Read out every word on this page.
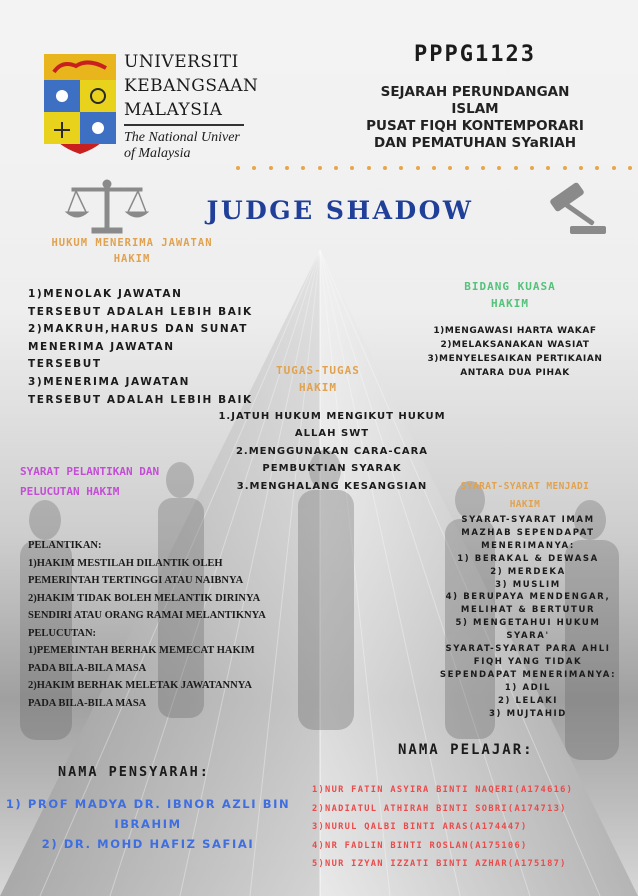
UNIVERSITI
KEBANGSAAN
MALAYSIA
The National Univer
of Malaysia
PPPG1123
SEJARAH PERUNDANGAN
ISLAM
PUSAT FIQH KONTEMPORARI
DAN PEMATUHAN SYaRIAH
JUDGE SHADOW
HUKUM MENERIMA JAWATAN
HAKIM
1)MENOLAK JAWATAN
TERSEBUT ADALAH LEBIH BAIK
2)MAKRUH,HARUS DAN SUNAT
MENERIMA JAWATAN
TERSEBUT
3)MENERIMA JAWATAN
TERSEBUT ADALAH LEBIH BAIK
BIDANG KUASA
HAKIM
1)MENGAWASI HARTA WAKAF
2)MELAKSANAKAN WASIAT
3)MENYELESAIKAN PERTIKAIAN
ANTARA DUA PIHAK
TUGAS-TUGAS
HAKIM
1.JATUH HUKUM MENGIKUT HUKUM
ALLAH SWT
2.MENGGUNAKAN CARA-CARA
PEMBUKTIAN SYARAK
3.MENGHALANG KESANGSIAN
SYARAT PELANTIKAN DAN
PELUCUTAN HAKIM
PELANTIKAN:
1)HAKIM MESTILAH DILANTIK OLEH
PEMERINTAH TERTINGGI ATAU NAIBNYA
2)HAKIM TIDAK BOLEH MELANTIK DIRINYA
SENDIRI ATAU ORANG RAMAI MELANTIKNYA
PELUCUTAN:
1)PEMERINTAH BERHAK MEMECAT HAKIM
PADA BILA-BILA MASA
2)HAKIM BERHAK MELETAK JAWATANNYA
PADA BILA-BILA MASA
SYARAT-SYARAT MENJADI
HAKIM
SYARAT-SYARAT IMAM
MAZHAB SEPENDAPAT
MENERIMANYA:
1) BERAKAL & DEWASA
2) MERDEKA
3) MUSLIM
4) BERUPAYA MENDENGAR,
MELIHAT & BERTUTUR
5) MENGETAHUI HUKUM
SYARA'
SYARAT-SYARAT PARA AHLI
FIQH YANG TIDAK
SEPENDAPAT MENERIMANYA:
1) ADIL
2) LELAKI
3) MUJTAHID
NAMA PELAJAR:
1)NUR FATIN ASYIRA BINTI NAQERI(A174616)
2)NADIATUL ATHIRAH BINTI SOBRI(A174713)
3)NURUL QALBI BINTI ARAS(A174447)
4)NR FADLIN BINTI ROSLAN(A175106)
5)NUR IZYAN IZZATI BINTI AZHAR(A175187)
NAMA PENSYARAH:
1) PROF MADYA DR. IBNOR AZLI BIN
IBRAHIM
2) DR. MOHD HAFIZ SAFIAI
